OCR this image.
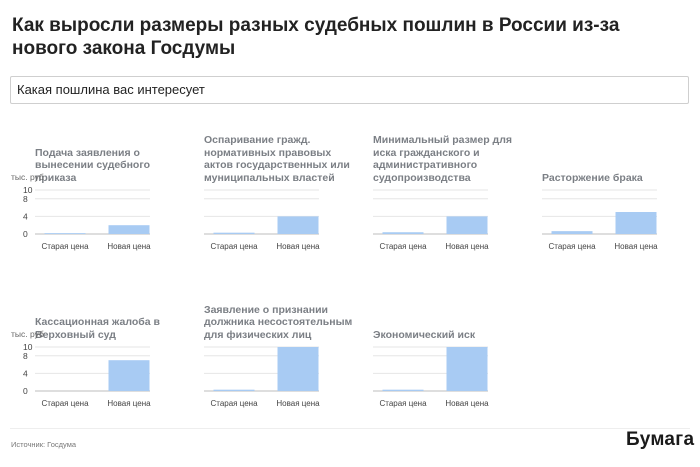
Как выросли размеры разных судебных пошлин в России из-за нового закона Госдумы
Какая пошлина вас интересует
Подача заявления о вынесении судебного приказа
тыс. руб
0
4
8
10
Старая цена Новая цена
Оспаривание гражд. нормативных правовых актов государственных или муниципальных властей
Старая цена Новая цена
Минимальный размер для иска гражданского и административного судопроизводства
Старая цена Новая цена
Расторжение брака
Старая цена Новая цена
Кассационная жалоба в Верховный суд
тыс. руб
0
4
8
10
Старая цена Новая цена
Заявление о признании должника несостоятельным для физических лиц
Старая цена Новая цена
Экономический иск
Старая цена Новая цена
Источник: Госдума	Бумага
